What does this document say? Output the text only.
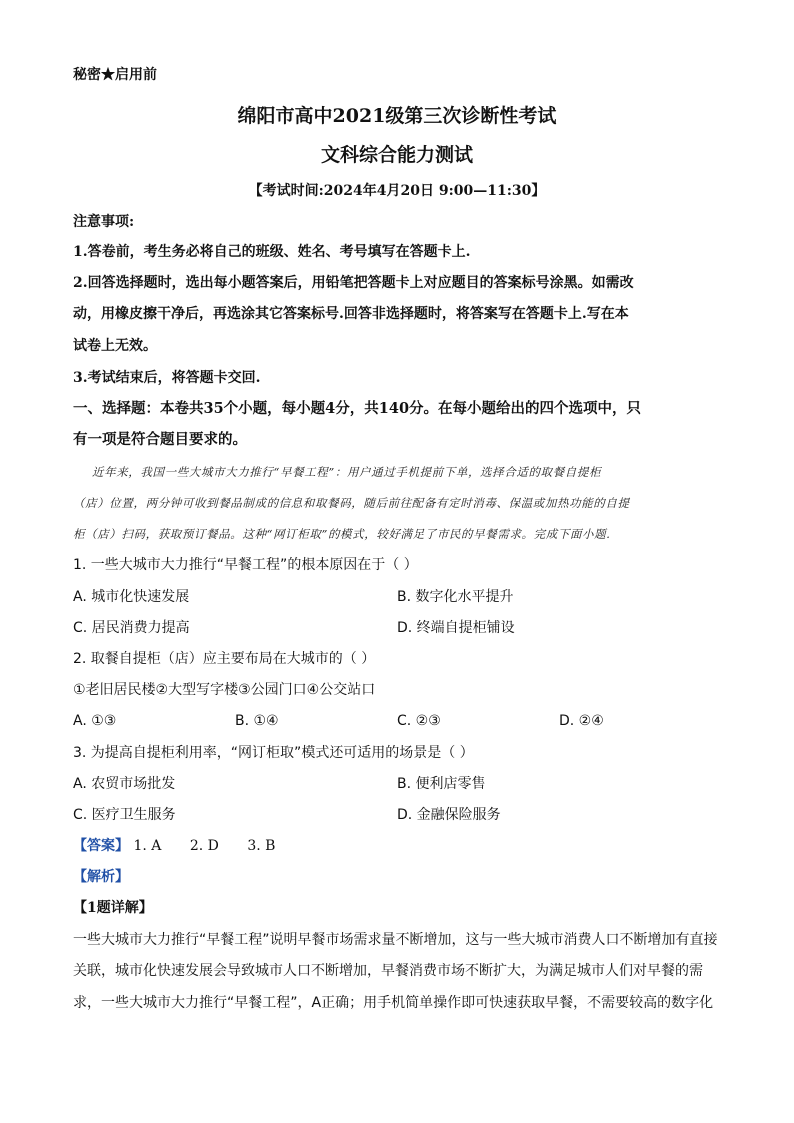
秘密★启用前
绵阳市高中2021级第三次诊断性考试
文科综合能力测试
【考试时间:2024年4月20日 9:00—11:30】
注意事项:
1.答卷前，考生务必将自己的班级、姓名、考号填写在答题卡上.
2.回答选择题时，选出每小题答案后，用铅笔把答题卡上对应题目的答案标号涂黑。如需改
动，用橡皮擦干净后，再选涂其它答案标号.回答非选择题时，将答案写在答题卡上.写在本
试卷上无效。
3.考试结束后，将答题卡交回.
一、选择题：本卷共35个小题，每小题4分，共140分。在每小题给出的四个选项中，只
有一项是符合题目要求的。
近年来，我国一些大城市大力推行“早餐工程”：用户通过手机提前下单，选择合适的取餐自提柜
（店）位置，两分钟可收到餐品制成的信息和取餐码，随后前往配备有定时消毒、保温或加热功能的自提
柜（店）扫码，获取预订餐品。这种“网订柜取”的模式，较好满足了市民的早餐需求。完成下面小题.
1. 一些大城市大力推行“早餐工程”的根本原因在于（ ）
A. 城市化快速发展	B. 数字化水平提升
C. 居民消费力提高	D. 终端自提柜铺设
2. 取餐自提柜（店）应主要布局在大城市的（ ）
①老旧居民楼②大型写字楼③公园门口④公交站口
A. ①③	B. ①④	C. ②③	D. ②④
3. 为提高自提柜利用率，“网订柜取”模式还可适用的场景是（ ）
A. 农贸市场批发	B. 便利店零售
C. 医疗卫生服务	D. 金融保险服务
【答案】 1. A 2. D 3. B
【解析】
【1题详解】
一些大城市大力推行“早餐工程”说明早餐市场需求量不断增加，这与一些大城市消费人口不断增加有直接
关联，城市化快速发展会导致城市人口不断增加，早餐消费市场不断扩大，为满足城市人们对早餐的需
求，一些大城市大力推行“早餐工程”，A正确；用手机简单操作即可快速获取早餐，不需要较高的数字化
